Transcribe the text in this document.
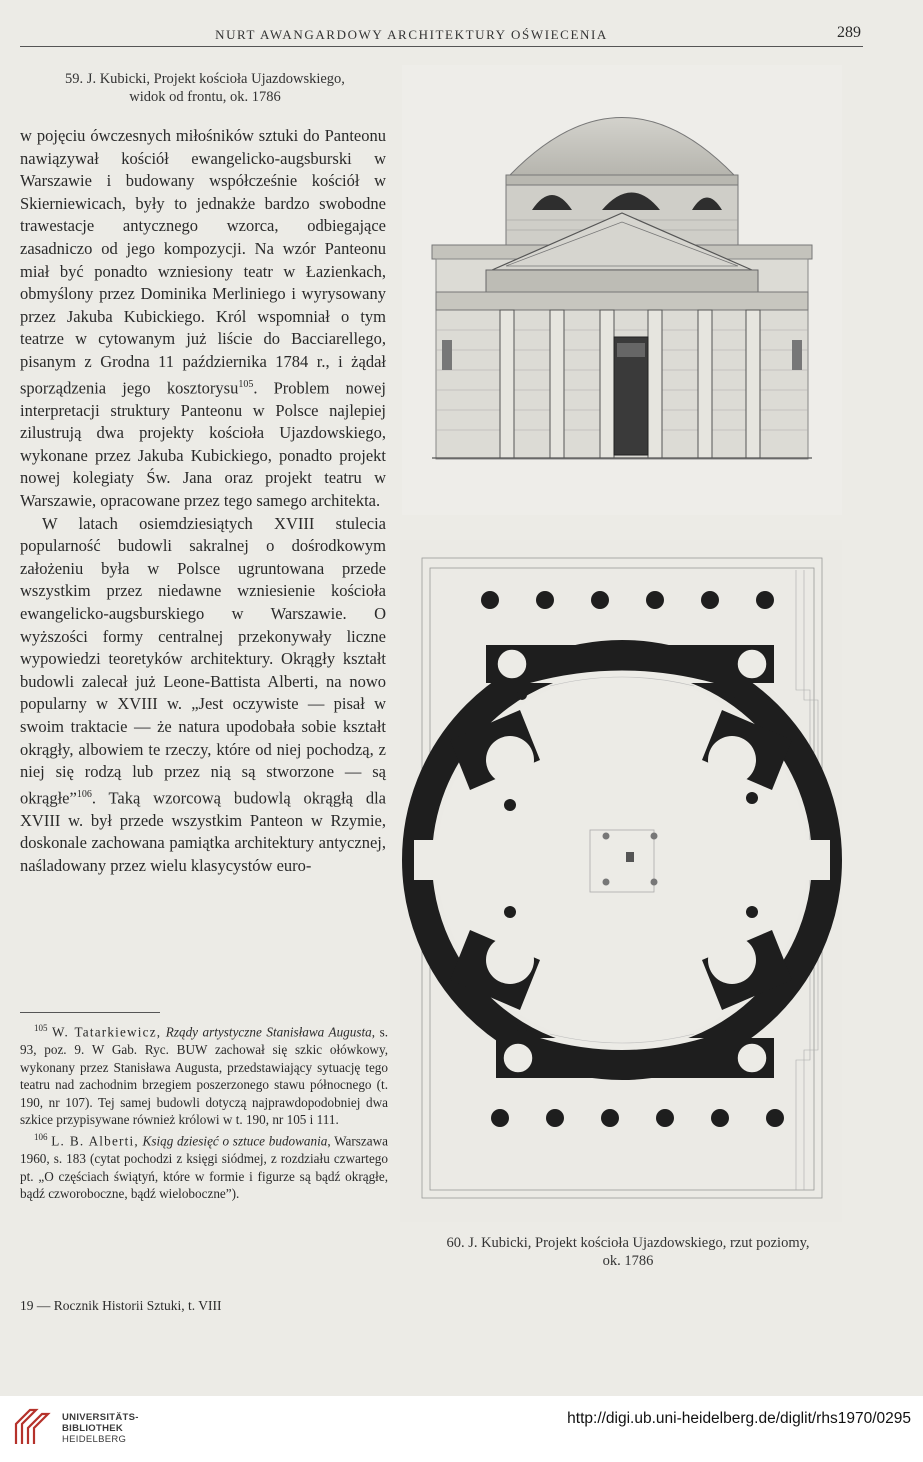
NURT AWANGARDOWY ARCHITEKTURY OŚWIECENIA	289
59. J. Kubicki, Projekt kościoła Ujazdowskiego,
widok od frontu, ok. 1786

w pojęciu ówczesnych miłośników sztuki do Panteonu nawiązywał kościół ewangelicko-augsburski w Warszawie i budowany współcześnie kościół w Skierniewicach, były to jednakże bardzo swobodne trawestacje antycznego wzorca, odbiegające zasadniczo od jego kompozycji. Na wzór Panteonu miał być ponadto wzniesiony teatr w Łazienkach, obmyślony przez Dominika Merliniego i wyrysowany przez Jakuba Kubickiego. Król wspomniał o tym teatrze w cytowanym już liście do Bacciarellego, pisanym z Grodna 11 października 1784 r., i żądał sporządzenia jego kosztorysu$^{105}$. Problem nowej interpretacji struktury Panteonu w Polsce najlepiej zilustrują dwa projekty kościoła Ujazdowskiego, wykonane przez Jakuba Kubickiego, ponadto projekt nowej kolegiaty Św. Jana oraz projekt teatru w Warszawie, opracowane przez tego samego architekta.

W latach osiemdziesiątych XVIII stulecia popularność budowli sakralnej o dośrodkowym założeniu była w Polsce ugruntowana przede wszystkim przez niedawne wzniesienie kościoła ewangelicko-augsburskiego w Warszawie. O wyższości formy centralnej przekonywały liczne wypowiedzi teoretyków architektury. Okrągły kształt budowli zalecał już Leone-Battista Alberti, na nowo popularny w XVIII w. „Jest oczywiste — pisał w swoim traktacie — że natura upodobała sobie kształt okrągły, albowiem te rzeczy, które od niej pochodzą, z niej się rodzą lub przez nią są stworzone — są okrągłe”$^{106}$. Taką wzorcową budowlą okrągłą dla XVIII w. był przede wszystkim Panteon w Rzymie, doskonale zachowana pamiątka architektury antycznej, naśladowany przez wielu klasycystów euro-

$^{105}$ W. Tatarkiewicz, Rządy artystyczne Stanisława Augusta, s. 93, poz. 9. W Gab. Ryc. BUW zachował się szkic ołówkowy, wykonany przez Stanisława Augusta, przedstawiający sytuację tego teatru nad zachodnim brzegiem poszerzonego stawu północnego (t. 190, nr 107). Tej samej budowli dotyczą najprawdopodobniej dwa szkice przypisywane również królowi w t. 190, nr 105 i 111.

$^{106}$ L. B. Alberti, Ksiąg dziesięć o sztuce budowania, Warszawa 1960, s. 183 (cytat pochodzi z księgi siódmej, z rozdziału czwartego pt. „O częściach świątyń, które w formie i figurze są bądź okrągłe, bądź czworoboczne, bądź wieloboczne”).

19 — Rocznik Historii Sztuki, t. VIII
60. J. Kubicki, Projekt kościoła Ujazdowskiego, rzut poziomy,
ok. 1786
UNIVERSITÄTS-
BIBLIOTHEK
HEIDELBERG
http://digi.ub.uni-heidelberg.de/diglit/rhs1970/0295
